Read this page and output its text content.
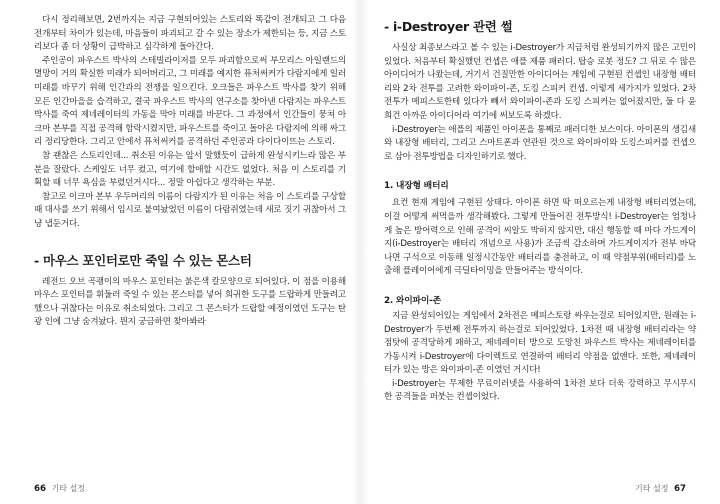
다시 정리해보면, 2번까지는 지금 구현되어있는 스토리와 똑같이 전개되고 그 다음 전개부터 차이가 있는데, 마음들이 파괴되고 갈 수 있는 장소가 제한되는 등, 지금 스토리보다 좀 더 상황이 급박하고 심각하게 돌아간다.

주인공이 파우스트 박사의 스테빌라이저를 모두 파괴함으로써 부모리스 아일랜드의 멸망이 거의 확실한 미래가 되어버리고, 그 미래를 예지한 퓨처써커가 다람지에게 일러 미래를 바꾸기 위해 인간과의 전쟁을 일으킨다. 오크들은 파우스트 박사를 찾기 위해 모든 인간마을을 습격하고, 결국 파우스트 박사의 연구소를 찾아낸 다람지는 파우스트 박사를 죽여 제네레이터의 가동을 막아 미래를 바꾼다. 그 과정에서 인간들이 뭉쳐 아크마 본부를 직접 공격해 함락시켰지만, 파우스트를 죽이고 돌아온 다람지에 의해 싸그리 정리당한다. 그리고 안에서 퓨처써커를 공격하던 주인공과 다이다이뜨는 스토리.

참 괜찮은 스토리인데... 취소된 이유는 앞서 말했듯이 급하게 완성시키느라 많은 부분을 잘랐다. 스케일도 너무 컸고, 여기에 할애할 시간도 없었다. 처음 이 스토리를 기획할 때 너무 욕심을 부렸던거시다... 정말 아쉽다고 생각하는 부분.

참고로 이크마 본부 우두머리의 이름이 다람지가 된 이유는 처음 이 스토리를 구상할 때 대사를 쓰기 위해서 임시로 붙여놨었던 이름이 다람쥐였는데 새로 짓기 귀찮아서 그냥 냅둔거다.

- 마우스 포인터로만 죽일 수 있는 몬스터

레전드 오브 곡괭이의 마우스 포인터는 붉은색 칼모양으로 되어있다. 이 점을 이용해 마우스 포인터를 휘둘러 죽일 수 있는 몬스터를 넣어 희귀한 도구를 드랍하게 만들려고 했으나 귀찮다는 이유로 취소되었다. 그리고 그 몬스터가 드랍할 예정이였던 도구는 탄광 인에 그냥 숨겨놨다. 뭔지 궁금하면 찾아봐라

66 기타 설정
- i-Destroyer 관련 썰

사실상 최종보스라고 볼 수 있는 i-Destroyer가 지금처럼 완성되기까지 많은 고민이 있었다. 처음부터 확실했던 컨셉은 애플 제품 패러디. 탑승 로봇 정도? 그 뒤로 수 많은 아이디어가 나왔는데, 거기서 건질만한 아이디어는 게임에 구현된 컨셉인 내장형 배터리와 2차 전투를 고려한 와이파이-존, 도킹 스피커 컨셉. 이렇게 세가지가 있었다. 2차 전투가 메피스토한테 있다가 빼서 와이파이-존과 도킹 스피커는 없어졌지만, 둘 다 윤희건 아까운 아이디어라 여기에 써보도록 하겠다.

i-Destroyer는 애플의 제품인 아이폰을 통째로 패러디한 보스이다. 아이폰의 생김새와 내장형 배터리, 그리고 스마트폰과 연관된 것으로 와이파이와 도킹스피커를 컨셉으로 삼아 전투방법을 디자인하기로 했다.

1. 내장형 배터리

요컨 현재 게임에 구현된 상태다. 아이폰 하면 딱 떠오르는게 내장형 배터리였는데, 이걸 어떻게 써먹을까 생각해봤다. 그렇게 만들어진 전투방식! i-Destroyer는 엄청나게 높은 방어력으로 인해 공격이 씨알도 박히지 않지만, 대신 행동할 때 마다 가드게이지(i-Destroyer는 배터리 개념으로 사용)가 조금씩 감소하며 가드게이지가 전부 바닥나면 구석으로 이동해 일정시간동안 배터리를 충전하고, 이 때 약점부위(배터리)를 노출해 플레이어에게 극딜타이밍을 만들어주는 방식이다.

2. 와이파이-존

지금 완성되어있는 게임에서 2차전은 메피스토랑 싸우는걸로 되어있지만, 원래는 i-Destroyer가 두번째 전투까지 하는걸로 되어있었다. 1차전 때 내장형 배터리라는 약점탓에 공격당하게 패하고, 제네레이터 방으로 도망친 파우스트 박사는 제네레이터를 가동시켜 i-Destroyer에 다이렉트로 연결하여 배터리 약점을 없앤다. 또한, 제네레이터가 있는 방은 와이파이-존 이였던 거시다!

i-Destroyer는 무제한 무료이러넷을 사용하여 1차전 보다 더욱 강력하고 무시무시한 공격들을 퍼붓는 컨셉이었다.

기타 설정 67
